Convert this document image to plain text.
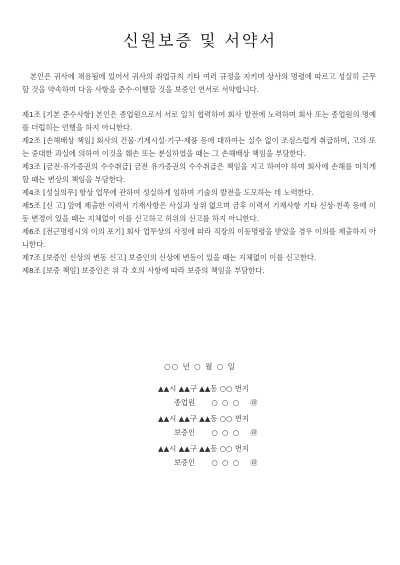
신원보증 및 서약서

본인은 귀사에 채용됨에 있어서 귀사의 취업규칙 기타 여러 규정을 지키며 상사의 명령에 따르고 성실히 근무할 것을 약속하며 다음 사항을 준수·이행할 것을 보증인 연서로 서약합니다.

제1조 [기본 준수사항] 본인은 종업원으로서 서로 일치 협력하여 회사 발전에 노력하며 회사 또는 종업원의 명예를 더럽히는 언행을 하지 아니한다.

제2조 [손해배상 책임] 회사의 건물·기계시설·기구·제품 등에 대하여는 실수 없이 조심스럽게 취급하며, 고의 또는 중대한 과실에 의하여 이것을 훼손 또는 분실하였을 때는 그 손해배상 책임을 부담한다.

제3조 [금전·유가증권의 수수취급] 금전 유가증권의 수수취급은 책임을 지고 하여야 하며 회사에 손해를 미치게 할 때는 변상의 책임을 부담한다.

제4조 [성실의무] 항상 업무에 관하여 성실하게 임하며 기술의 발전을 도모하는 데 노력한다.

제5조 [신 고] 앞에 제출한 이력서 기재사항은 사실과 상위 없으며 금후 이력서 기재사항 기타 신상·친족 등에 이동 변경이 있을 때는 지체없이 이를 신고하고 허위의 신고를 하지 아니한다.

제6조 [전근명령시의 이의 포기] 회사 업무상의 사정에 따라 직장의 이동명령을 받았을 경우 이의를 제출하지 아니한다.

제7조 [보증인 신상의 변동 신고] 보증인의 신상에 변동이 있을 때는 지체없이 이를 신고한다.

제8조 [보증 책임] 보증인은 위 각 호의 사항에 따라 보증의 책임을 부담한다.

○○ 년 ○ 월 ○ 일
▲▲시 ▲▲구 ▲▲동 ○○ 번지
종업원 ○ ○ ○ ㊞
▲▲시 ▲▲구 ▲▲동 ○○ 번지
보증인 ○ ○ ○ ㊞
▲▲시 ▲▲구 ▲▲동 ○○ 번지
보증인 ○ ○ ○ ㊞
